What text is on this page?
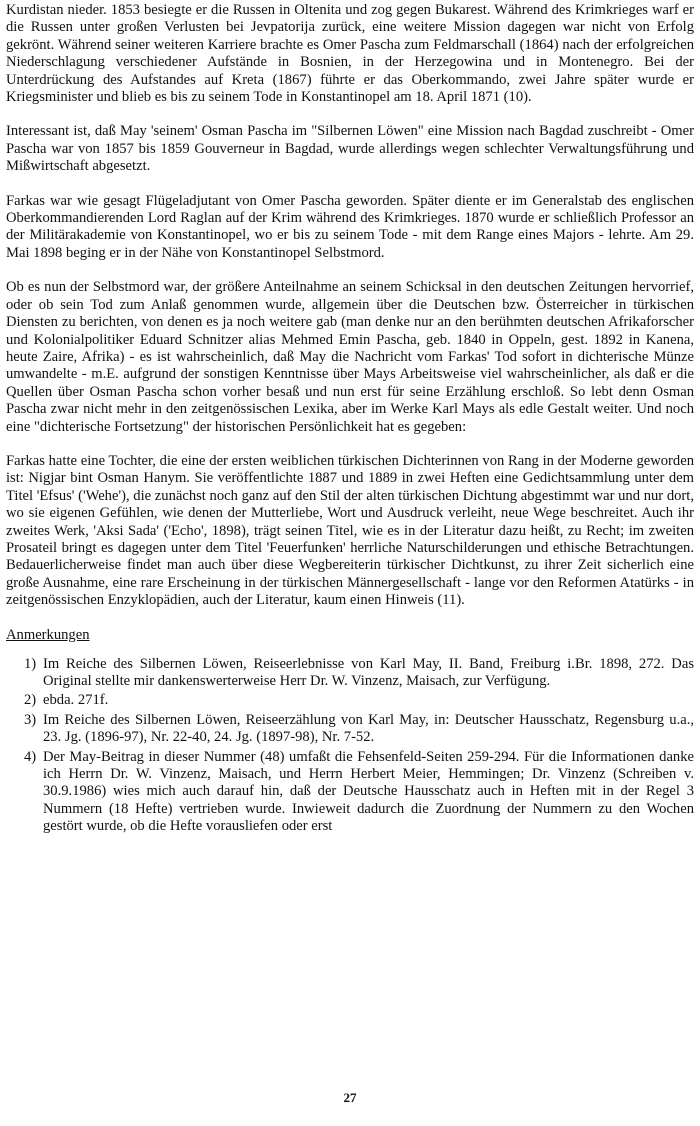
Kurdistan nieder. 1853 besiegte er die Russen in Oltenita und zog gegen Bukarest. Während des Krimkrieges warf er die Russen unter großen Verlusten bei Jevpatorija zurück, eine weitere Mission dagegen war nicht von Erfolg gekrönt. Während seiner weiteren Karriere brachte es Omer Pascha zum Feldmarschall (1864) nach der erfolgreichen Niederschlagung verschiedener Aufstände in Bosnien, in der Herzegowina und in Montenegro. Bei der Unterdrückung des Aufstandes auf Kreta (1867) führte er das Oberkommando, zwei Jahre später wurde er Kriegsminister und blieb es bis zu seinem Tode in Konstantinopel am 18. April 1871 (10).

Interessant ist, daß May 'seinem' Osman Pascha im "Silbernen Löwen" eine Mission nach Bagdad zuschreibt - Omer Pascha war von 1857 bis 1859 Gouverneur in Bagdad, wurde allerdings wegen schlechter Verwaltungsführung und Mißwirtschaft abgesetzt.

Farkas war wie gesagt Flügeladjutant von Omer Pascha geworden. Später diente er im Generalstab des englischen Oberkommandierenden Lord Raglan auf der Krim während des Krimkrieges. 1870 wurde er schließlich Professor an der Militärakademie von Konstantinopel, wo er bis zu seinem Tode - mit dem Range eines Majors - lehrte. Am 29. Mai 1898 beging er in der Nähe von Konstantinopel Selbstmord.

Ob es nun der Selbstmord war, der größere Anteilnahme an seinem Schicksal in den deutschen Zeitungen hervorrief, oder ob sein Tod zum Anlaß genommen wurde, allgemein über die Deutschen bzw. Österreicher in türkischen Diensten zu berichten, von denen es ja noch weitere gab (man denke nur an den berühmten deutschen Afrikaforscher und Kolonialpolitiker Eduard Schnitzer alias Mehmed Emin Pascha, geb. 1840 in Oppeln, gest. 1892 in Kanena, heute Zaire, Afrika) - es ist wahrscheinlich, daß May die Nachricht vom Farkas' Tod sofort in dichterische Münze umwandelte - m.E. aufgrund der sonstigen Kenntnisse über Mays Arbeitsweise viel wahrscheinlicher, als daß er die Quellen über Osman Pascha schon vorher besaß und nun erst für seine Erzählung erschloß. So lebt denn Osman Pascha zwar nicht mehr in den zeitgenössischen Lexika, aber im Werke Karl Mays als edle Gestalt weiter. Und noch eine "dichterische Fortsetzung" der historischen Persönlichkeit hat es gegeben:

Farkas hatte eine Tochter, die eine der ersten weiblichen türkischen Dichterinnen von Rang in der Moderne geworden ist: Nigjar bint Osman Hanym. Sie veröffentlichte 1887 und 1889 in zwei Heften eine Gedichtsammlung unter dem Titel 'Efsus' ('Wehe'), die zunächst noch ganz auf den Stil der alten türkischen Dichtung abgestimmt war und nur dort, wo sie eigenen Gefühlen, wie denen der Mutterliebe, Wort und Ausdruck verleiht, neue Wege beschreitet. Auch ihr zweites Werk, 'Aksi Sada' ('Echo', 1898), trägt seinen Titel, wie es in der Literatur dazu heißt, zu Recht; im zweiten Prosateil bringt es dagegen unter dem Titel 'Feuerfunken' herrliche Naturschilderungen und ethische Betrachtungen. Bedauerlicherweise findet man auch über diese Wegbereiterin türkischer Dichtkunst, zu ihrer Zeit sicherlich eine große Ausnahme, eine rare Erscheinung in der türkischen Männergesellschaft - lange vor den Reformen Atatürks - in zeitgenössischen Enzyklopädien, auch der Literatur, kaum einen Hinweis (11).

Anmerkungen
1) Im Reiche des Silbernen Löwen, Reiseerlebnisse von Karl May, II. Band, Freiburg i.Br. 1898, 272. Das Original stellte mir dankenswerterweise Herr Dr. W. Vinzenz, Maisach, zur Verfügung.
2) ebda. 271f.
3) Im Reiche des Silbernen Löwen, Reiseerzählung von Karl May, in: Deutscher Hausschatz, Regensburg u.a., 23. Jg. (1896-97), Nr. 22-40, 24. Jg. (1897-98), Nr. 7-52.
4) Der May-Beitrag in dieser Nummer (48) umfaßt die Fehsenfeld-Seiten 259-294. Für die Informationen danke ich Herrn Dr. W. Vinzenz, Maisach, und Herrn Herbert Meier, Hemmingen; Dr. Vinzenz (Schreiben v. 30.9.1986) wies mich auch darauf hin, daß der Deutsche Hausschatz auch in Heften mit in der Regel 3 Nummern (18 Hefte) vertrieben wurde. Inwieweit dadurch die Zuordnung der Nummern zu den Wochen gestört wurde, ob die Hefte vorausliefen oder erst
27
